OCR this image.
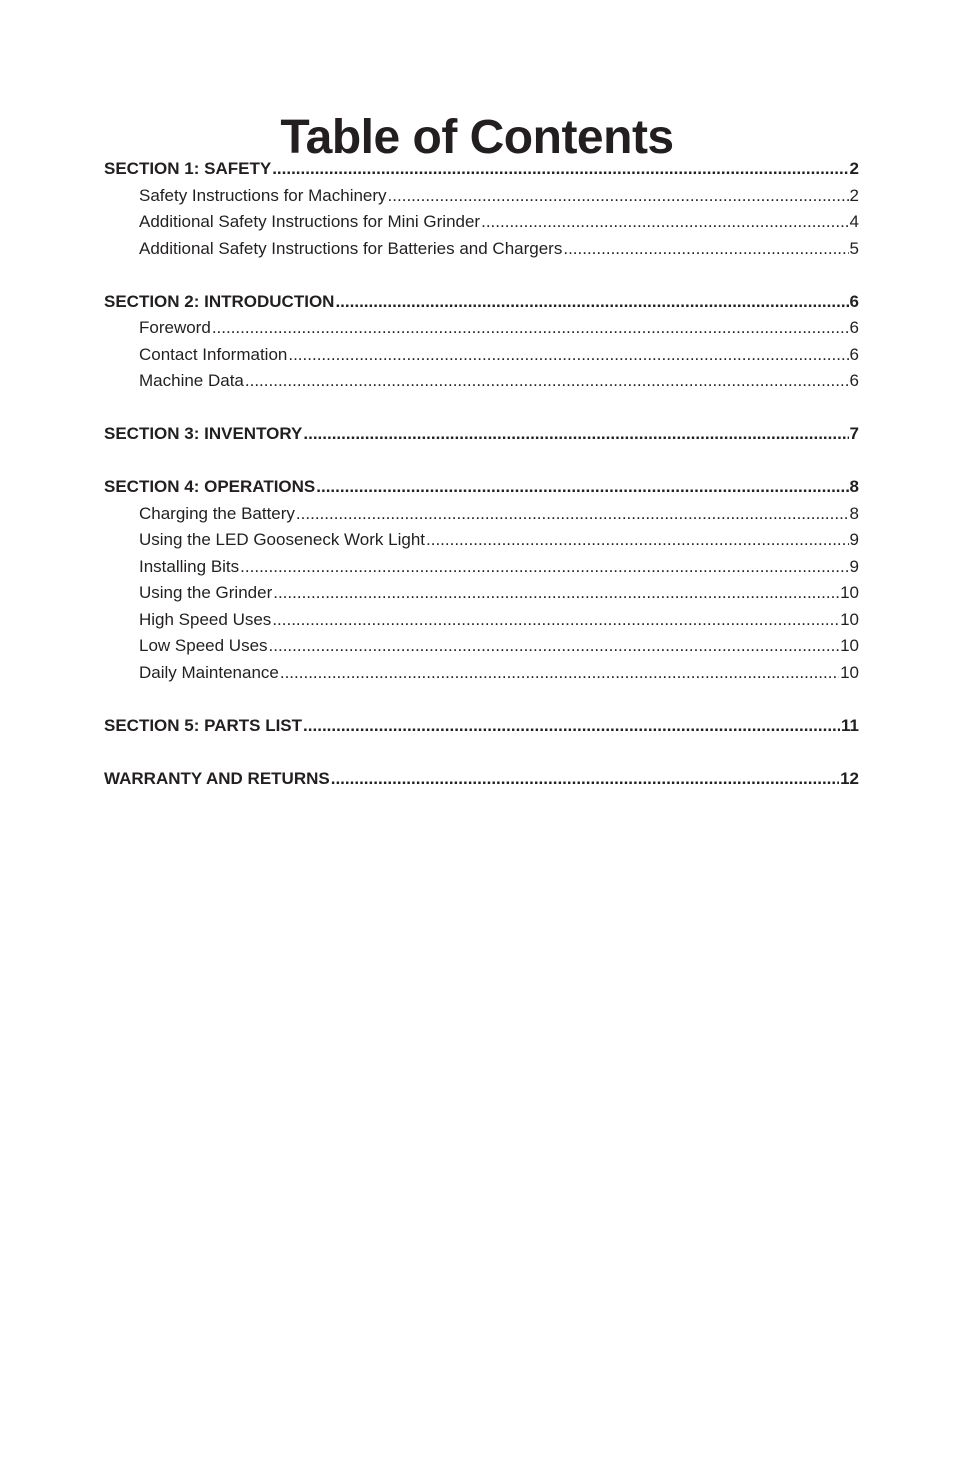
Table of Contents
SECTION 1: SAFETY .....	2
Safety Instructions for Machinery .....	2
Additional Safety Instructions for Mini Grinder .....	4
Additional Safety Instructions for Batteries and Chargers .....	5
SECTION 2: INTRODUCTION .....	6
Foreword .....	6
Contact Information .....	6
Machine Data .....	6
SECTION 3: INVENTORY .....	7
SECTION 4: OPERATIONS .....	8
Charging the Battery .....	8
Using the LED Gooseneck Work Light .....	9
Installing Bits .....	9
Using the Grinder .....	10
High Speed Uses .....	10
Low Speed Uses .....	10
Daily Maintenance .....	10
SECTION 5: PARTS LIST .....	11
WARRANTY AND RETURNS .....	12
